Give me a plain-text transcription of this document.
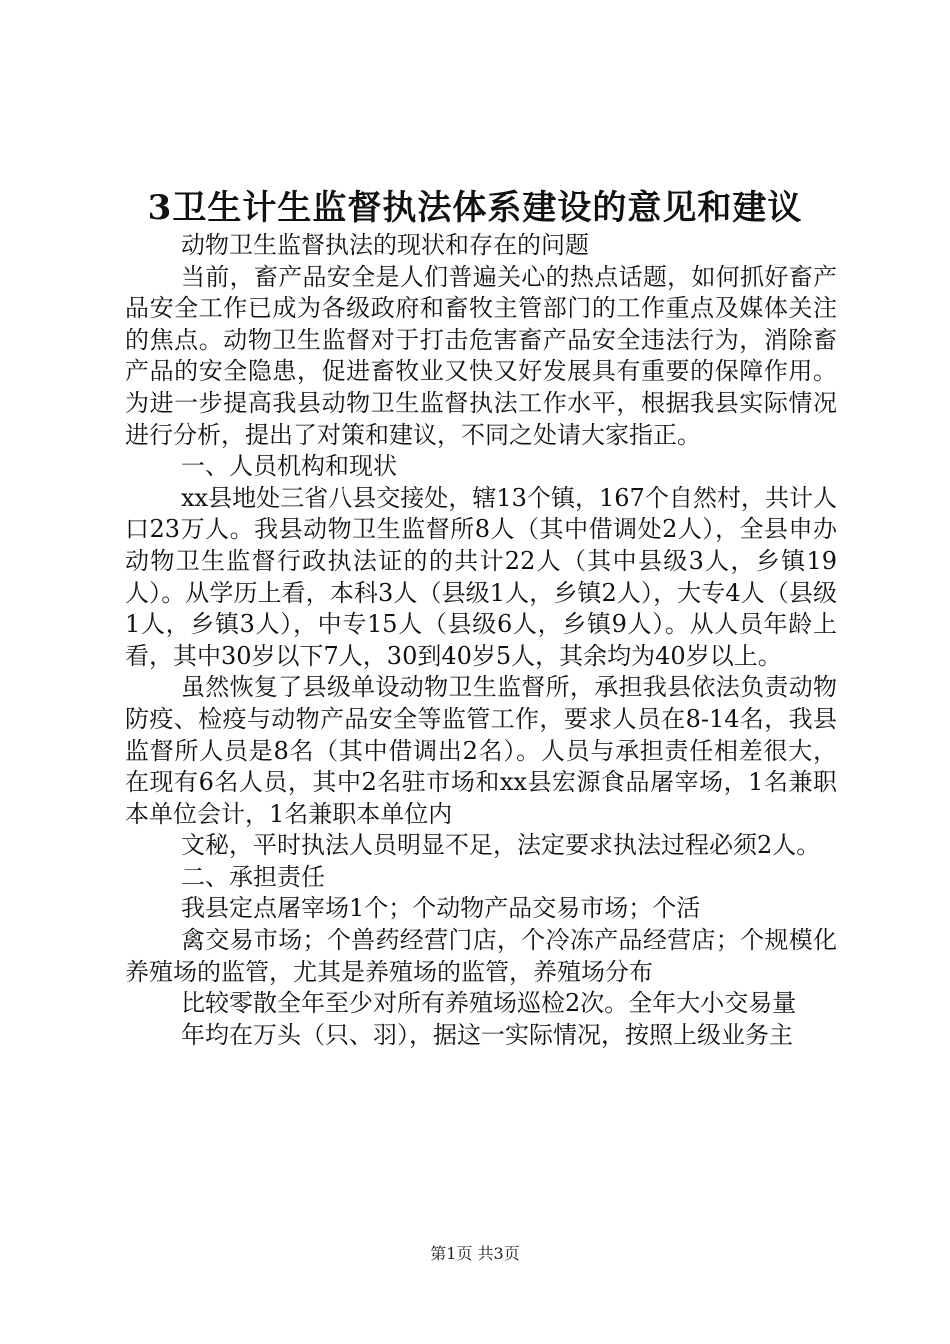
3卫生计生监督执法体系建设的意见和建议

动物卫生监督执法的现状和存在的问题

当前，畜产品安全是人们普遍关心的热点话题，如何抓好畜产品安全工作已成为各级政府和畜牧主管部门的工作重点及媒体关注的焦点。动物卫生监督对于打击危害畜产品安全违法行为，消除畜产品的安全隐患，促进畜牧业又快又好发展具有重要的保障作用。为进一步提高我县动物卫生监督执法工作水平，根据我县实际情况进行分析，提出了对策和建议，不同之处请大家指正。

一、人员机构和现状

xx县地处三省八县交接处，辖13个镇，167个自然村，共计人口23万人。我县动物卫生监督所8人（其中借调处2人），全县申办动物卫生监督行政执法证的的共计22人（其中县级3人，乡镇19人）。从学历上看，本科3人（县级1人，乡镇2人），大专4人（县级1人，乡镇3人），中专15人（县级6人，乡镇9人）。从人员年龄上看，其中30岁以下7人，30到40岁5人，其余均为40岁以上。

虽然恢复了县级单设动物卫生监督所，承担我县依法负责动物防疫、检疫与动物产品安全等监管工作，要求人员在8-14名，我县监督所人员是8名（其中借调出2名）。人员与承担责任相差很大，在现有6名人员，其中2名驻市场和xx县宏源食品屠宰场，1名兼职本单位会计，1名兼职本单位内

文秘，平时执法人员明显不足，法定要求执法过程必须2人。

二、承担责任

我县定点屠宰场1个；个动物产品交易市场；个活

禽交易市场；个兽药经营门店，个冷冻产品经营店；个规模化养殖场的监管，尤其是养殖场的监管，养殖场分布

比较零散全年至少对所有养殖场巡检2次。全年大小交易量

年均在万头（只、羽），据这一实际情况，按照上级业务主

第1页 共3页
